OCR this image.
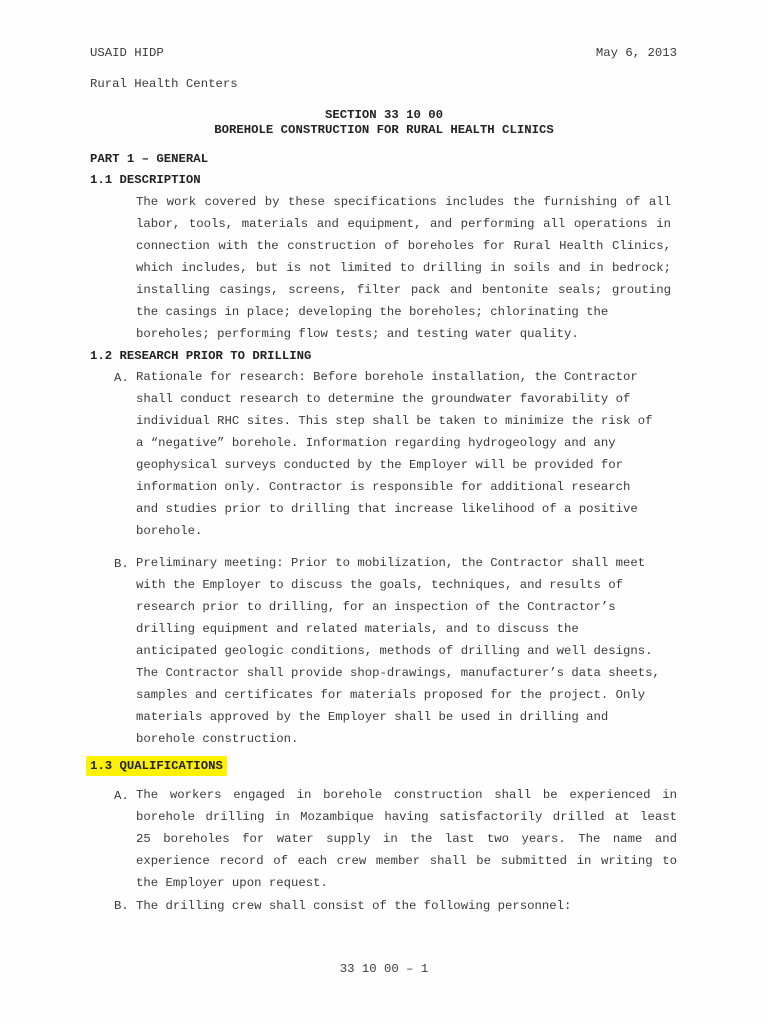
USAID HIDP	May 6, 2013
Rural Health Centers
SECTION 33 10 00
BOREHOLE CONSTRUCTION FOR RURAL HEALTH CLINICS
PART 1 – GENERAL
1.1 DESCRIPTION
The work covered by these specifications includes the furnishing of all
labor, tools, materials and equipment, and performing all operations in
connection with the construction of boreholes for Rural Health Clinics,
which includes, but is not limited to drilling in soils and in bedrock;
installing casings, screens, filter pack and bentonite seals; grouting
the casings in place; developing the boreholes; chlorinating the
boreholes; performing flow tests; and testing water quality.
1.2 RESEARCH PRIOR TO DRILLING
A. Rationale for research: Before borehole installation, the Contractor
shall conduct research to determine the groundwater favorability of
individual RHC sites. This step shall be taken to minimize the risk of
a “negative” borehole. Information regarding hydrogeology and any
geophysical surveys conducted by the Employer will be provided for
information only. Contractor is responsible for additional research
and studies prior to drilling that increase likelihood of a positive
borehole.
B. Preliminary meeting: Prior to mobilization, the Contractor shall meet
with the Employer to discuss the goals, techniques, and results of
research prior to drilling, for an inspection of the Contractor’s
drilling equipment and related materials, and to discuss the
anticipated geologic conditions, methods of drilling and well designs.
The Contractor shall provide shop-drawings, manufacturer’s data sheets,
samples and certificates for materials proposed for the project. Only
materials approved by the Employer shall be used in drilling and
borehole construction.
1.3 QUALIFICATIONS
A. The workers engaged in borehole construction shall be experienced in
borehole drilling in Mozambique having satisfactorily drilled at least
25 boreholes for water supply in the last two years. The name and
experience record of each crew member shall be submitted in writing to
the Employer upon request.
B. The drilling crew shall consist of the following personnel:
33 10 00 – 1
